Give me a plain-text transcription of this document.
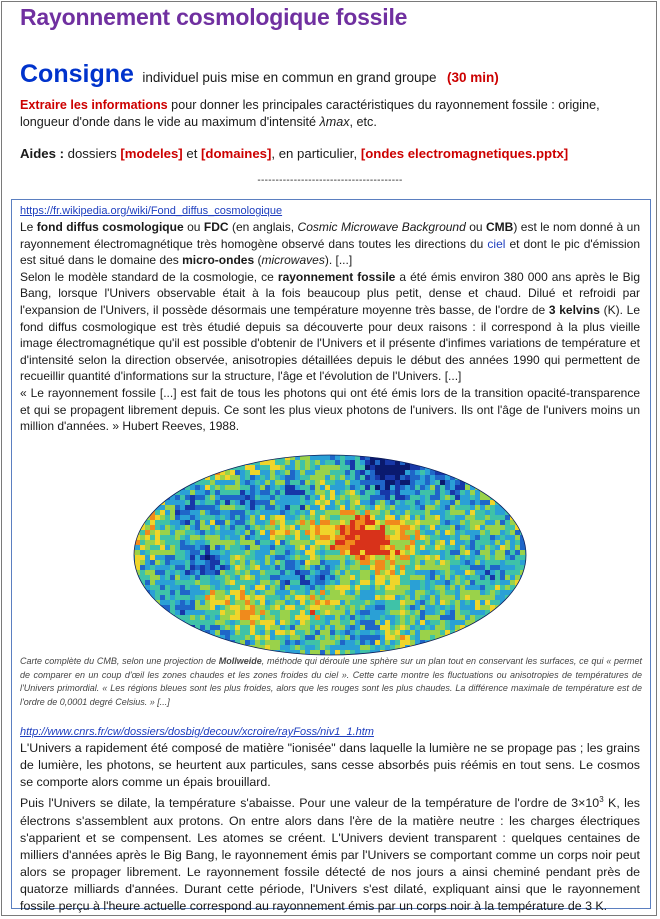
Rayonnement cosmologique fossile
Consigne individuel puis mise en commun en grand groupe (30 min)

Extraire les informations pour donner les principales caractéristiques du rayonnement fossile : origine, longueur d'onde dans le vide au maximum d'intensité λmax, etc.

Aides : dossiers [modeles] et [domaines], en particulier, [ondes electromagnetiques.pptx]

----------------------------------------
https://fr.wikipedia.org/wiki/Fond_diffus_cosmologique

Le fond diffus cosmologique ou FDC (en anglais, Cosmic Microwave Background ou CMB) est le nom donné à un rayonnement électromagnétique très homogène observé dans toutes les directions du ciel et dont le pic d'émission est situé dans le domaine des micro-ondes (microwaves). [...]

Selon le modèle standard de la cosmologie, ce rayonnement fossile a été émis environ 380 000 ans après le Big Bang, lorsque l'Univers observable était à la fois beaucoup plus petit, dense et chaud. Dilué et refroidi par l'expansion de l'Univers, il possède désormais une température moyenne très basse, de l'ordre de 3 kelvins (K). Le fond diffus cosmologique est très étudié depuis sa découverte pour deux raisons : il correspond à la plus vieille image électromagnétique qu'il est possible d'obtenir de l'Univers et il présente d'infimes variations de température et d'intensité selon la direction observée, anisotropies détaillées depuis le début des années 1990 qui permettent de recueillir quantité d'informations sur la structure, l'âge et l'évolution de l'Univers. [...]

« Le rayonnement fossile [...] est fait de tous les photons qui ont été émis lors de la transition opacité-transparence et qui se propagent librement depuis. Ce sont les plus vieux photons de l'univers. Ils ont l'âge de l'univers moins un million d'années. » Hubert Reeves, 1988.

Carte complète du CMB, selon une projection de Mollweide, méthode qui déroule une sphère sur un plan tout en conservant les surfaces, ce qui « permet de comparer en un coup d'œil les zones chaudes et les zones froides du ciel ». Cette carte montre les fluctuations ou anisotropies de températures de l'Univers primordial. « Les régions bleues sont les plus froides, alors que les rouges sont les plus chaudes. La différence maximale de température est de l'ordre de 0,0001 degré Celsius. » [...]

http://www.cnrs.fr/cw/dossiers/dosbig/decouv/xcroire/rayFoss/niv1_1.htm

L'Univers a rapidement été composé de matière "ionisée" dans laquelle la lumière ne se propage pas ; les grains de lumière, les photons, se heurtent aux particules, sans cesse absorbés puis réémis en tout sens. Le cosmos se comporte alors comme un épais brouillard.

Puis l'Univers se dilate, la température s'abaisse. Pour une valeur de la température de l'ordre de $3\times 10^3$ K, les électrons s'assemblent aux protons. On entre alors dans l'ère de la matière neutre : les charges électriques s'apparient et se compensent. Les atomes se créent. L'Univers devient transparent : quelques centaines de milliers d'années après le Big Bang, le rayonnement émis par l'Univers se comportant comme un corps noir peut alors se propager librement. Le rayonnement fossile détecté de nos jours a ainsi cheminé pendant près de quatorze milliards d'années. Durant cette période, l'Univers s'est dilaté, expliquant ainsi que le rayonnement fossile perçu à l'heure actuelle correspond au rayonnement émis par un corps noir à la température de 3 K.
